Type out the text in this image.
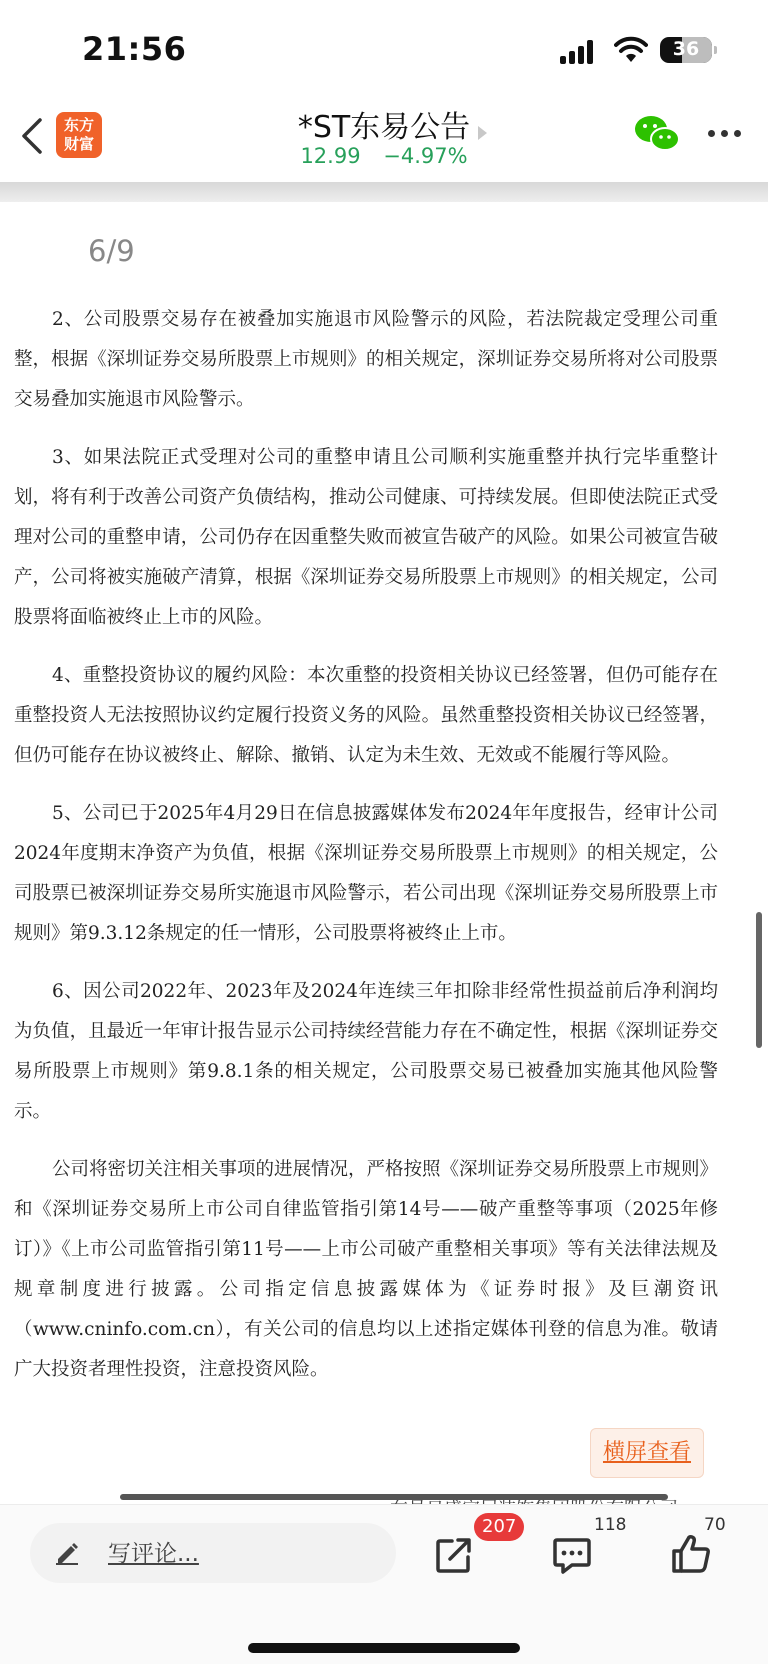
21:56	36
东方
财富	*ST东易公告
12.99 −4.97%
6/9

2、公司股票交易存在被叠加实施退市风险警示的风险，若法院裁定受理公司重整，根据《深圳证券交易所股票上市规则》的相关规定，深圳证券交易所将对公司股票交易叠加实施退市风险警示。

3、如果法院正式受理对公司的重整申请且公司顺利实施重整并执行完毕重整计划，将有利于改善公司资产负债结构，推动公司健康、可持续发展。但即使法院正式受理对公司的重整申请，公司仍存在因重整失败而被宣告破产的风险。如果公司被宣告破产，公司将被实施破产清算，根据《深圳证券交易所股票上市规则》的相关规定，公司股票将面临被终止上市的风险。

4、重整投资协议的履约风险：本次重整的投资相关协议已经签署，但仍可能存在重整投资人无法按照协议约定履行投资义务的风险。虽然重整投资相关协议已经签署，但仍可能存在协议被终止、解除、撤销、认定为未生效、无效或不能履行等风险。

5、公司已于2025年4月29日在信息披露媒体发布2024年年度报告，经审计公司2024年度期末净资产为负值，根据《深圳证券交易所股票上市规则》的相关规定，公司股票已被深圳证券交易所实施退市风险警示，若公司出现《深圳证券交易所股票上市规则》第9.3.12条规定的任一情形，公司股票将被终止上市。

6、因公司2022年、2023年及2024年连续三年扣除非经常性损益前后净利润均为负值，且最近一年审计报告显示公司持续经营能力存在不确定性，根据《深圳证券交易所股票上市规则》第9.8.1条的相关规定，公司股票交易已被叠加实施其他风险警示。

公司将密切关注相关事项的进展情况，严格按照《深圳证券交易所股票上市规则》和《深圳证券交易所上市公司自律监管指引第14号——破产重整等事项（2025年修订）》《上市公司监管指引第11号——上市公司破产重整相关事项》等有关法律法规及规章制度进行披露。公司指定信息披露媒体为《证券时报》及巨潮资讯（www.cninfo.com.cn），有关公司的信息均以上述指定媒体刊登的信息为准。敬请广大投资者理性投资，注意投资风险。

横屏查看
写评论...
207	118	70
